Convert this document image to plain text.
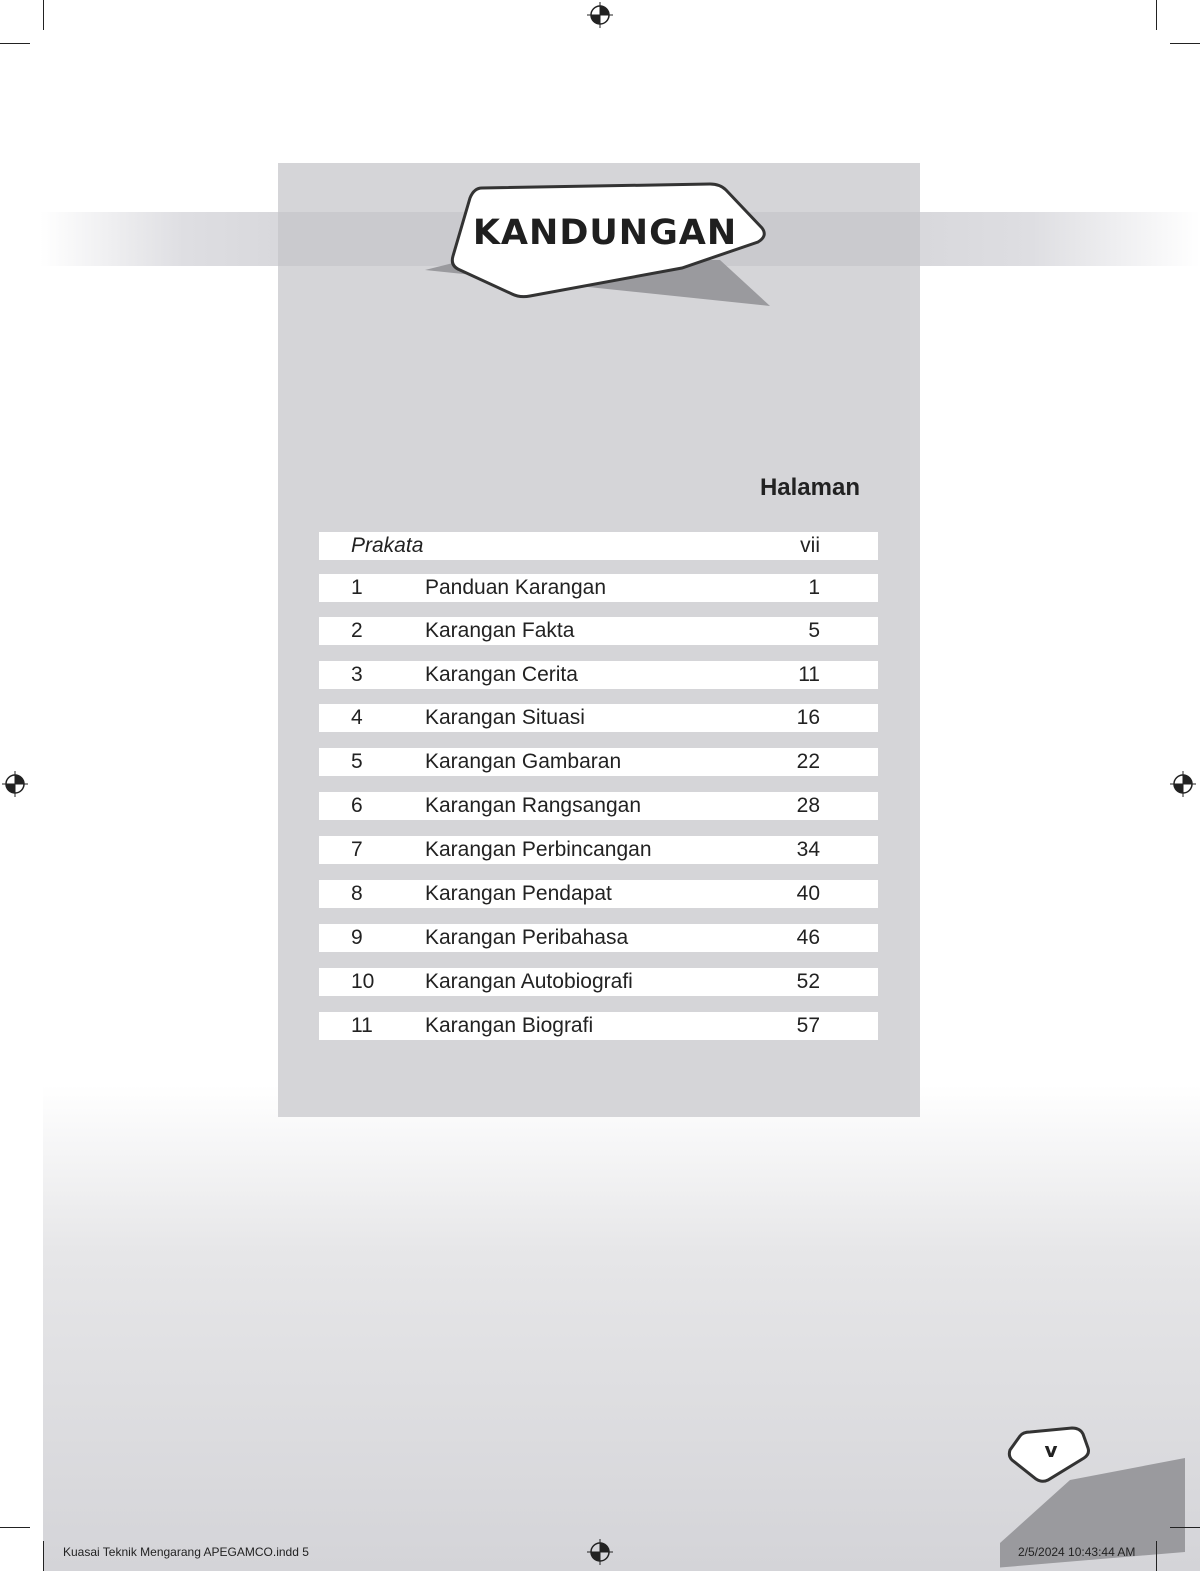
KANDUNGAN
Halaman
Prakata	vii
1	Panduan Karangan	1
2	Karangan Fakta	5
3	Karangan Cerita	11
4	Karangan Situasi	16
5	Karangan Gambaran	22
6	Karangan Rangsangan	28
7	Karangan Perbincangan	34
8	Karangan Pendapat	40
9	Karangan Peribahasa	46
10 Karangan Autobiografi	52
11 Karangan Biografi	57
v
Kuasai Teknik Mengarang APEGAMCO.indd 5	2/5/2024 10:43:44 AM
